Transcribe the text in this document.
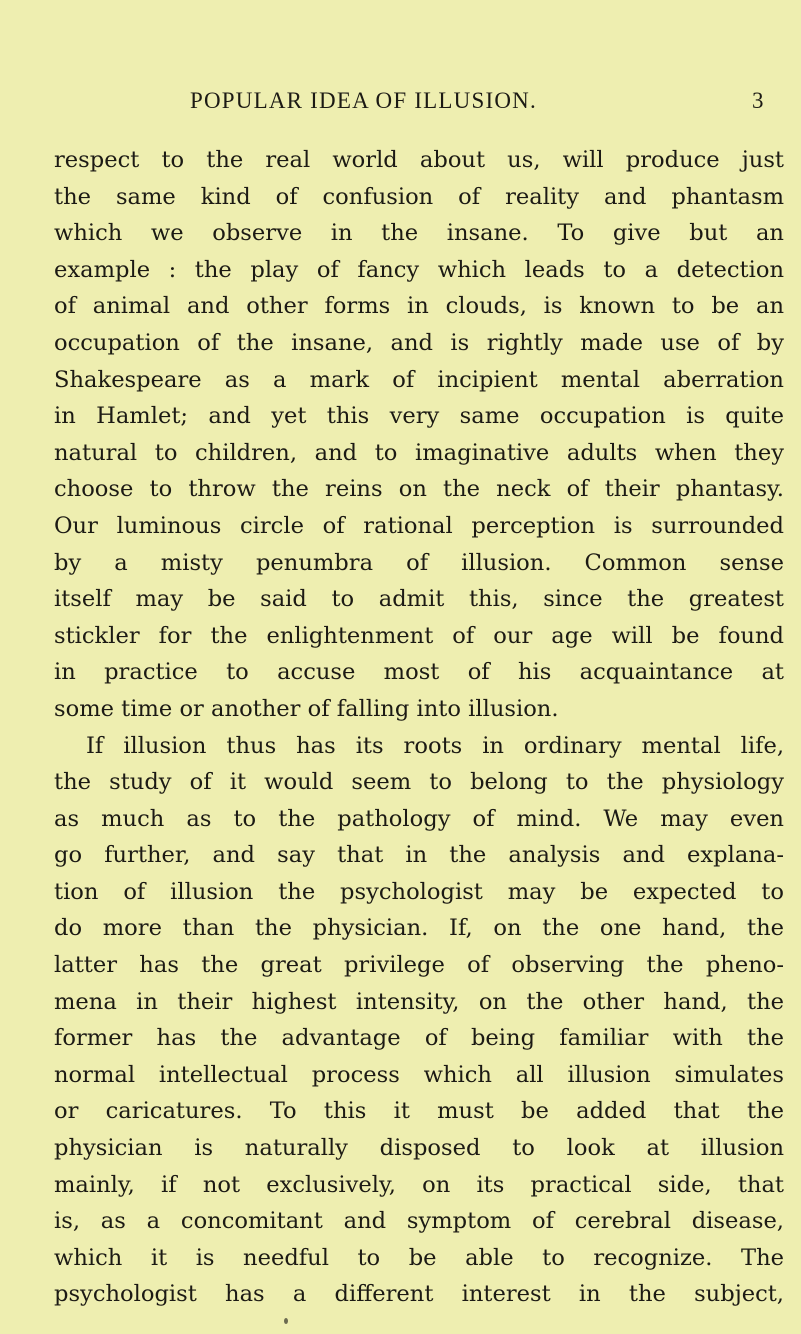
POPULAR IDEA OF ILLUSION.	3
respect to the real world about us, will produce just
the same kind of confusion of reality and phantasm
which we observe in the insane. To give but an
example : the play of fancy which leads to a detection
of animal and other forms in clouds, is known to be an
occupation of the insane, and is rightly made use of by
Shakespeare as a mark of incipient mental aberration
in Hamlet; and yet this very same occupation is quite
natural to children, and to imaginative adults when they
choose to throw the reins on the neck of their phantasy.
Our luminous circle of rational perception is surrounded
by a misty penumbra of illusion. Common sense
itself may be said to admit this, since the greatest
stickler for the enlightenment of our age will be found
in practice to accuse most of his acquaintance at
some time or another of falling into illusion.
If illusion thus has its roots in ordinary mental life,
the study of it would seem to belong to the physiology
as much as to the pathology of mind. We may even
go further, and say that in the analysis and explana-
tion of illusion the psychologist may be expected to
do more than the physician. If, on the one hand, the
latter has the great privilege of observing the pheno-
mena in their highest intensity, on the other hand, the
former has the advantage of being familiar with the
normal intellectual process which all illusion simulates
or caricatures. To this it must be added that the
physician is naturally disposed to look at illusion
mainly, if not exclusively, on its practical side, that
is, as a concomitant and symptom of cerebral disease,
which it is needful to be able to recognize. The
psychologist has a different interest in the subject,
